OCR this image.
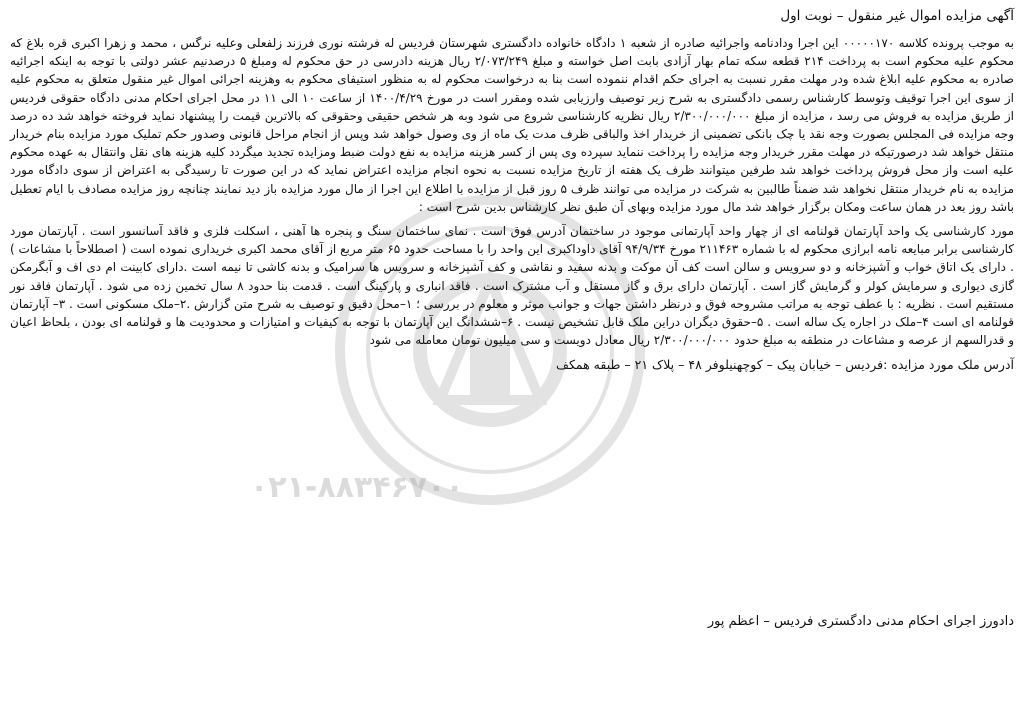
۰۲۱-۸۸۳۴۶۷۰۰
آگهی مزایده اموال غیر منقول – نوبت اول

به موجب پرونده کلاسه ۰۰۰۰۰۱۷۰ این اجرا ودادنامه واجرائیه صادره از شعبه ۱ دادگاه خانواده دادگستری شهرستان فردیس له فرشته نوری فرزند زلفعلی وعلیه نرگس ، محمد و زهرا اکبری قره بلاغ که محکوم علیه محکوم است به پرداخت ۲۱۴ قطعه سکه تمام بهار آزادی بابت اصل خواسته و مبلغ ۲/۰۷۳/۲۴۹ ریال هزینه دادرسی در حق محکوم له ومبلغ ۵ درصدنیم عشر دولتی با توجه به اینکه اجرائیه صادره به محکوم علیه ابلاغ شده ودر مهلت مقرر نسبت به اجرای حکم اقدام ننموده است بنا به درخواست محکوم له به منظور استیفای محکوم به وهزینه اجرائی اموال غیر منقول متعلق به محکوم علیه از سوی این اجرا توقیف وتوسط کارشناس رسمی دادگستری به شرح زیر توصیف وارزیابی شده ومقرر است در مورخ ۱۴۰۰/۴/۲۹ از ساعت ۱۰ الی ۱۱ در محل اجرای احکام مدنی دادگاه حقوقی فردیس از طریق مزایده به فروش می رسد ، مزایده از مبلغ ۲/۳۰۰/۰۰۰/۰۰۰ ریال نظریه کارشناسی شروع می شود وبه هر شخص حقیقی وحقوقی که بالاترین قیمت را پیشنهاد نماید فروخته خواهد شد ده درصد وجه مزایده فی المجلس بصورت وجه نقد یا چک بانکی تضمینی از خریدار اخذ والباقی ظرف مدت یک ماه از وی وصول خواهد شد وپس از انجام مراحل قانونی وصدور حکم تملیک مورد مزایده بنام خریدار منتقل خواهد شد درصورتیکه در مهلت مقرر خریدار وجه مزایده را پرداخت ننماید سپرده وی پس از کسر هزینه مزایده به نفع دولت ضبط ومزایده تجدید میگردد کلیه هزینه های نقل وانتقال به عهده محکوم علیه است واز محل فروش پرداخت خواهد شد طرفین میتوانند ظرف یک هفته از تاریخ مزایده نسبت به نحوه انجام مزایده اعتراض نماید که در این صورت تا رسیدگی به اعتراض از سوی دادگاه مورد مزایده به نام خریدار منتقل نخواهد شد ضمناً طالبین به شرکت در مزایده می توانند ظرف ۵ روز قبل از مزایده با اطلاع این اجرا از مال مورد مزایده باز دید نمایند چنانچه روز مزایده مصادف با ایام تعطیل باشد روز بعد در همان ساعت ومکان برگزار خواهد شد مال مورد مزایده وبهای آن طبق نظر کارشناس بدین شرح است :

مورد کارشناسی یک واحد آپارتمان قولنامه ای از چهار واحد آپارتمانی موجود در ساختمان آدرس فوق است . نمای ساختمان سنگ و پنجره ها آهنی ، اسکلت فلزی و فاقد آسانسور است . آپارتمان مورد کارشناسی برابر مبایعه نامه ابرازی محکوم له با شماره ۲۱۱۴۶۳ مورخ ۹۴/۹/۳۴ آقای داوداکبری این واحد را با مساحت حدود ۶۵ متر مربع از آقای محمد اکبری خریداری نموده است ( اصطلاحاً با مشاعات ) . دارای یک اتاق خواب و آشپزخانه و دو سرویس و سالن است کف آن موکت و بدنه سفید و نقاشی و کف آشپزخانه و سرویس ها سرامیک و بدنه کاشی تا نیمه است .دارای کابینت ام دی اف و آبگرمکن گازی دیواری و سرمایش کولر و گرمایش گاز است . آپارتمان دارای برق و گاز مستقل و آب مشترک است . فاقد انباری و پارکینگ است . قدمت بنا حدود ۸ سال تخمین زده می شود . آپارتمان فاقد نور مستقیم است . نظریه : با عطف توجه به مراتب مشروحه فوق و درنظر داشتن جهات و جوانب موثر و معلوم در بررسی ؛ ۱–محل دقیق و توصیف به شرح متن گزارش .۲–ملک مسکونی است . ۳– آپارتمان قولنامه ای است ۴–ملک در اجاره یک ساله است . ۵–حقوق دیگران دراین ملک قابل تشخیص نیست . ۶–ششدانگ این آپارتمان با توجه به کیفیات و امتیازات و محدودیت ها و قولنامه ای بودن ، بلحاظ اعیان و قدرالسهم از عرصه و مشاعات در منطقه به مبلغ حدود ۲/۳۰۰/۰۰۰/۰۰۰ ریال معادل دویست و سی میلیون تومان معامله می شود

آدرس ملک مورد مزایده :فردیس – خیابان پیک – کوچهنیلوفر ۴۸ – پلاک ۲۱ – طبقه همکف

دادورز اجرای احکام مدنی دادگستری فردیس – اعظم پور
